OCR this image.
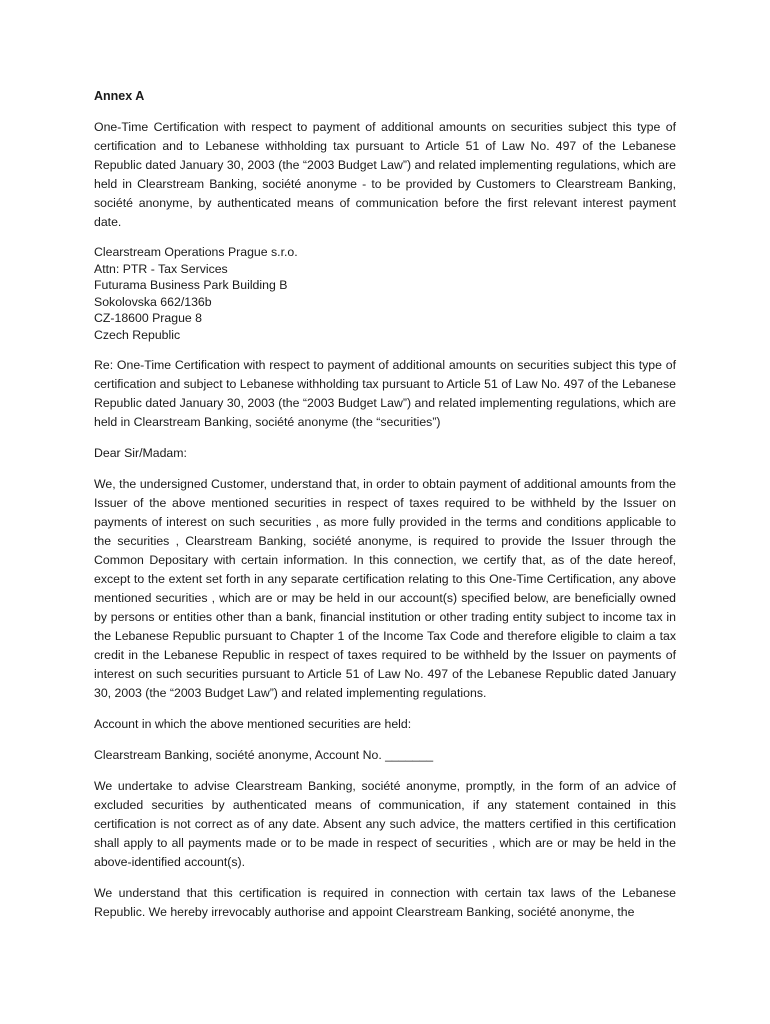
Annex A

One-Time Certification with respect to payment of additional amounts on securities subject this type of certification and to Lebanese withholding tax pursuant to Article 51 of Law No. 497 of the Lebanese Republic dated January 30, 2003 (the “2003 Budget Law”) and related implementing regulations, which are held in Clearstream Banking, société anonyme - to be provided by Customers to Clearstream Banking, société anonyme, by authenticated means of communication before the first relevant interest payment date.

Clearstream Operations Prague s.r.o.
Attn: PTR - Tax Services
Futurama Business Park Building B
Sokolovska 662/136b
CZ-18600 Prague 8
Czech Republic

Re: One-Time Certification with respect to payment of additional amounts on securities subject this type of certification and subject to Lebanese withholding tax pursuant to Article 51 of Law No. 497 of the Lebanese Republic dated January 30, 2003 (the “2003 Budget Law”) and related implementing regulations, which are held in Clearstream Banking, société anonyme (the “securities”)

Dear Sir/Madam:

We, the undersigned Customer, understand that, in order to obtain payment of additional amounts from the Issuer of the above mentioned securities in respect of taxes required to be withheld by the Issuer on payments of interest on such securities , as more fully provided in the terms and conditions applicable to the securities , Clearstream Banking, société anonyme, is required to provide the Issuer through the Common Depositary with certain information. In this connection, we certify that, as of the date hereof, except to the extent set forth in any separate certification relating to this One-Time Certification, any above mentioned securities , which are or may be held in our account(s) specified below, are beneficially owned by persons or entities other than a bank, financial institution or other trading entity subject to income tax in the Lebanese Republic pursuant to Chapter 1 of the Income Tax Code and therefore eligible to claim a tax credit in the Lebanese Republic in respect of taxes required to be withheld by the Issuer on payments of interest on such securities pursuant to Article 51 of Law No. 497 of the Lebanese Republic dated January 30, 2003 (the “2003 Budget Law”) and related implementing regulations.

Account in which the above mentioned securities are held:

Clearstream Banking, société anonyme, Account No. _______

We undertake to advise Clearstream Banking, société anonyme, promptly, in the form of an advice of excluded securities by authenticated means of communication, if any statement contained in this certification is not correct as of any date. Absent any such advice, the matters certified in this certification shall apply to all payments made or to be made in respect of securities , which are or may be held in the above-identified account(s).

We understand that this certification is required in connection with certain tax laws of the Lebanese Republic. We hereby irrevocably authorise and appoint Clearstream Banking, société anonyme, the
